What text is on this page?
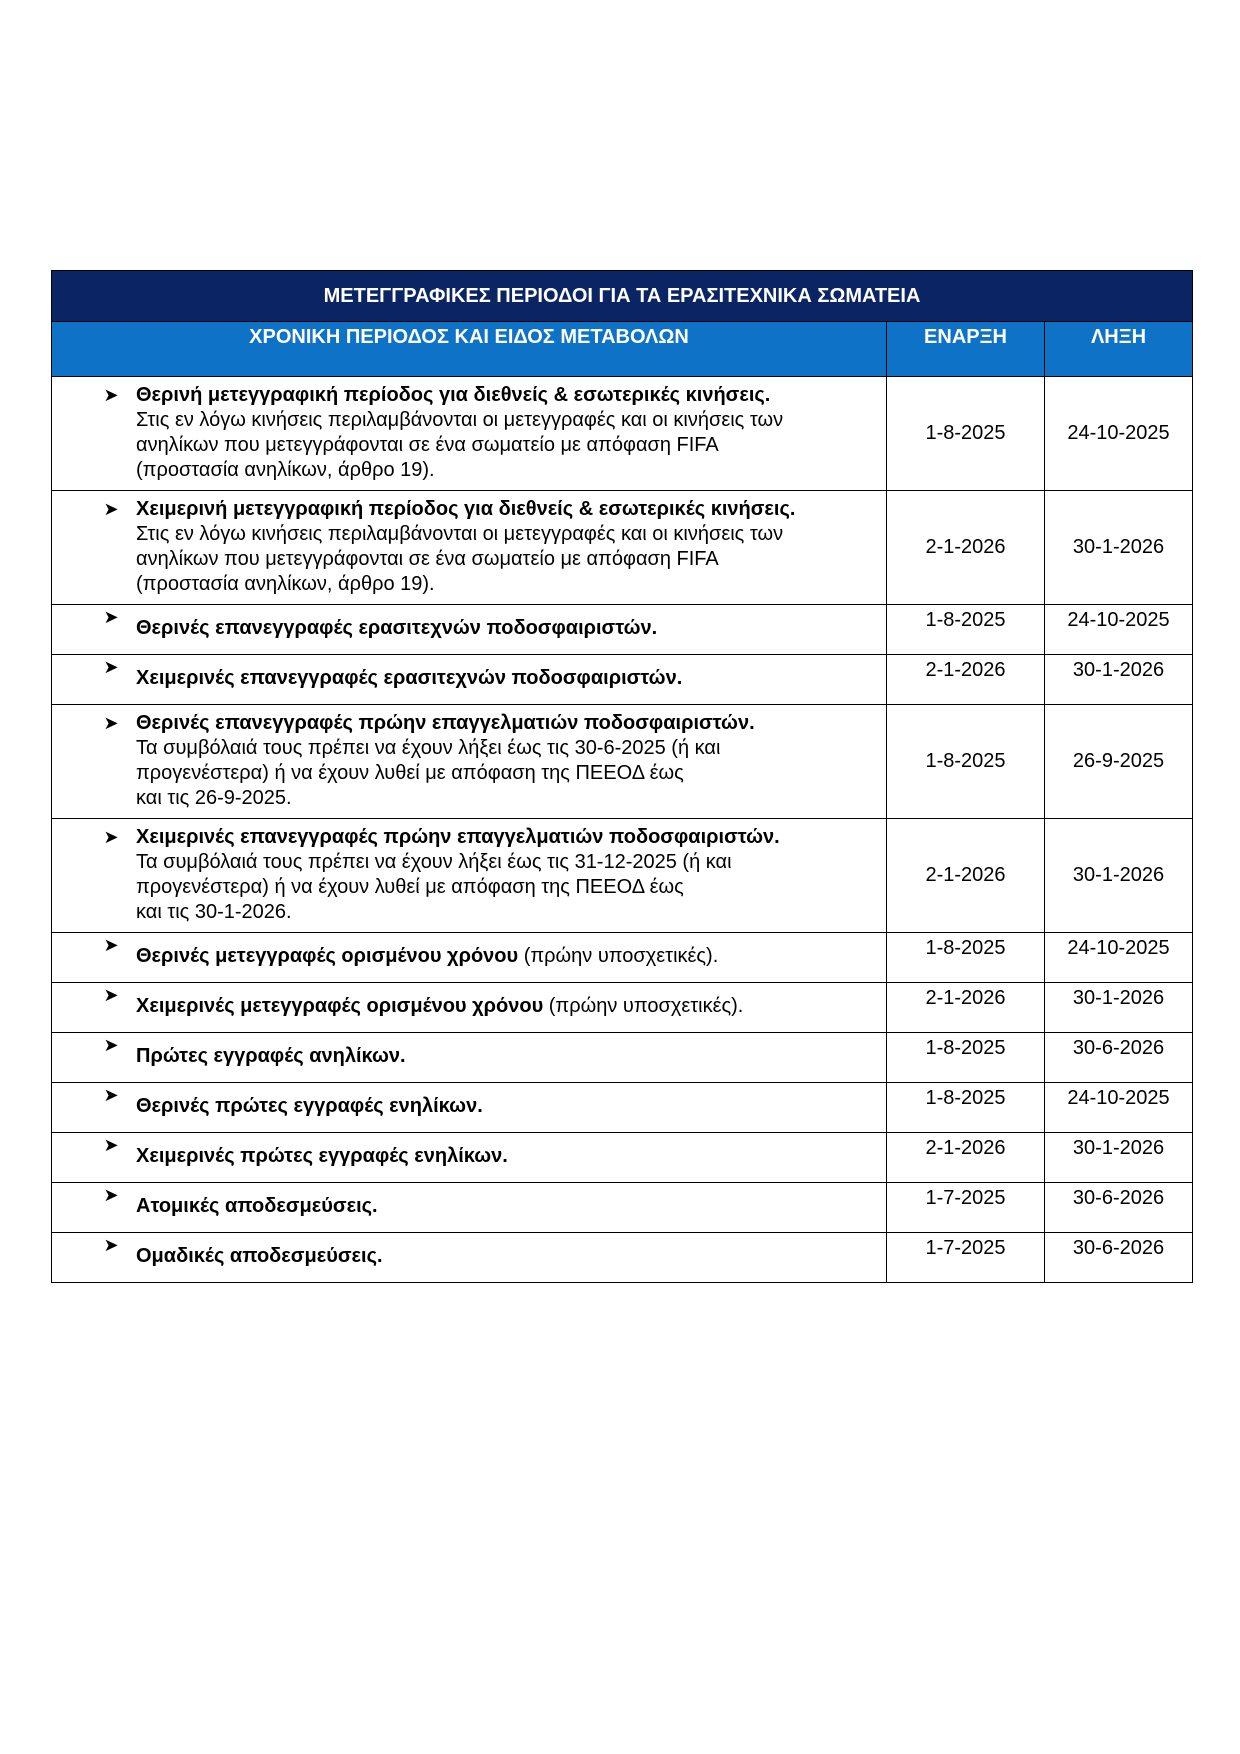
ΜΕΤΕΓΓΡΑΦΙΚΕΣ ΠΕΡΙΟΔΟΙ ΓΙΑ ΤΑ ΕΡΑΣΙΤΕΧΝΙΚΑ ΣΩΜΑΤΕΙΑ		
ΧΡΟΝΙΚΗ ΠΕΡΙΟΔΟΣ ΚΑΙ ΕΙΔΟΣ ΜΕΤΑΒΟΛΩΝ	ΕΝΑΡΞΗ	ΛΗΞΗ

➤ Θερινή μετεγγραφική περίοδος για διεθνείς & εσωτερικές κινήσεις.
Στις εν λόγω κινήσεις περιλαμβάνονται οι μετεγγραφές και οι κινήσεις των
ανηλίκων που μετεγγράφονται σε ένα σωματείο με απόφαση FIFA
(προστασία ανηλίκων, άρθρο 19).	1-8-2025	24-10-2025

➤ Χειμερινή μετεγγραφική περίοδος για διεθνείς & εσωτερικές κινήσεις.
Στις εν λόγω κινήσεις περιλαμβάνονται οι μετεγγραφές και οι κινήσεις των
ανηλίκων που μετεγγράφονται σε ένα σωματείο με απόφαση FIFA
(προστασία ανηλίκων, άρθρο 19).	2-1-2026	30-1-2026

➤ Θερινές επανεγγραφές ερασιτεχνών ποδοσφαιριστών.	1-8-2025	24-10-2025

➤ Χειμερινές επανεγγραφές ερασιτεχνών ποδοσφαιριστών.	2-1-2026	30-1-2026

➤ Θερινές επανεγγραφές πρώην επαγγελματιών ποδοσφαιριστών.
Τα συμβόλαιά τους πρέπει να έχουν λήξει έως τις 30-6-2025 (ή και
προγενέστερα) ή να έχουν λυθεί με απόφαση της ΠΕΕΟΔ έως
και τις 26-9-2025.	1-8-2025	26-9-2025

➤ Χειμερινές επανεγγραφές πρώην επαγγελματιών ποδοσφαιριστών.
Τα συμβόλαιά τους πρέπει να έχουν λήξει έως τις 31-12-2025 (ή και
προγενέστερα) ή να έχουν λυθεί με απόφαση της ΠΕΕΟΔ έως
και τις 30-1-2026.	2-1-2026	30-1-2026

➤ Θερινές μετεγγραφές ορισμένου χρόνου (πρώην υποσχετικές).	1-8-2025	24-10-2025

➤ Χειμερινές μετεγγραφές ορισμένου χρόνου (πρώην υποσχετικές).	2-1-2026	30-1-2026

➤ Πρώτες εγγραφές ανηλίκων.	1-8-2025	30-6-2026

➤ Θερινές πρώτες εγγραφές ενηλίκων.	1-8-2025	24-10-2025

➤ Χειμερινές πρώτες εγγραφές ενηλίκων.	2-1-2026	30-1-2026

➤ Ατομικές αποδεσμεύσεις.	1-7-2025	30-6-2026

➤ Ομαδικές αποδεσμεύσεις.	1-7-2025	30-6-2026
